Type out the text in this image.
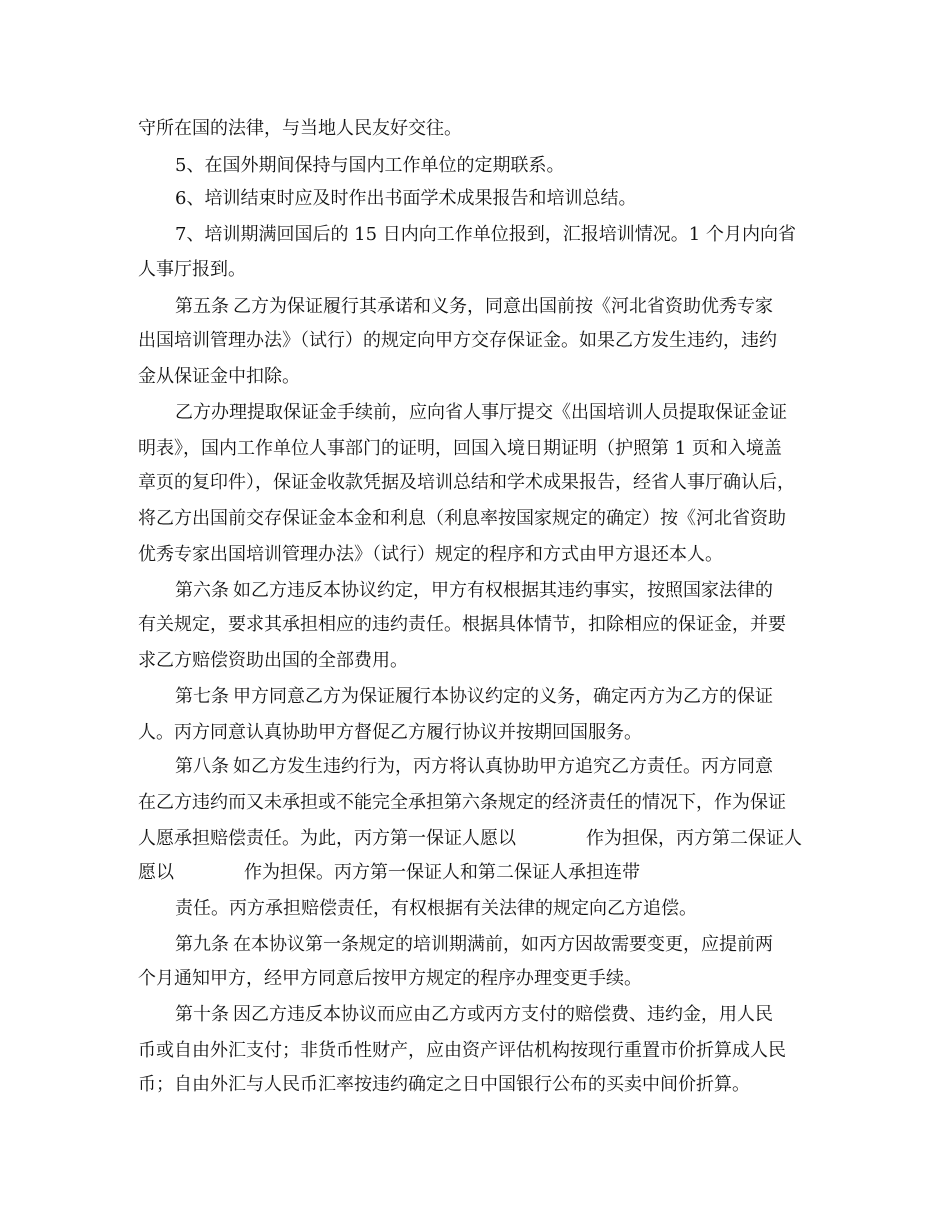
守所在国的法律，与当地人民友好交往。
5、在国外期间保持与国内工作单位的定期联系。
6、培训结束时应及时作出书面学术成果报告和培训总结。
7、培训期满回国后的 15 日内向工作单位报到，汇报培训情况。1 个月内向省
人事厅报到。
第五条 乙方为保证履行其承诺和义务，同意出国前按《河北省资助优秀专家
出国培训管理办法》（试行）的规定向甲方交存保证金。如果乙方发生违约，违约
金从保证金中扣除。
乙方办理提取保证金手续前，应向省人事厅提交《出国培训人员提取保证金证
明表》，国内工作单位人事部门的证明，回国入境日期证明（护照第 1 页和入境盖
章页的复印件），保证金收款凭据及培训总结和学术成果报告，经省人事厅确认后，
将乙方出国前交存保证金本金和利息（利息率按国家规定的确定）按《河北省资助
优秀专家出国培训管理办法》（试行）规定的程序和方式由甲方退还本人。
第六条 如乙方违反本协议约定，甲方有权根据其违约事实，按照国家法律的
有关规定，要求其承担相应的违约责任。根据具体情节，扣除相应的保证金，并要
求乙方赔偿资助出国的全部费用。
第七条 甲方同意乙方为保证履行本协议约定的义务，确定丙方为乙方的保证
人。丙方同意认真协助甲方督促乙方履行协议并按期回国服务。
第八条 如乙方发生违约行为，丙方将认真协助甲方追究乙方责任。丙方同意
在乙方违约而又未承担或不能完全承担第六条规定的经济责任的情况下，作为保证
人愿承担赔偿责任。为此，丙方第一保证人愿以	作为担保，丙方第二保证人
愿以	作为担保。丙方第一保证人和第二保证人承担连带
责任。丙方承担赔偿责任，有权根据有关法律的规定向乙方追偿。
第九条 在本协议第一条规定的培训期满前，如丙方因故需要变更，应提前两
个月通知甲方，经甲方同意后按甲方规定的程序办理变更手续。
第十条 因乙方违反本协议而应由乙方或丙方支付的赔偿费、违约金，用人民
币或自由外汇支付；非货币性财产，应由资产评估机构按现行重置市价折算成人民
币；自由外汇与人民币汇率按违约确定之日中国银行公布的买卖中间价折算。
